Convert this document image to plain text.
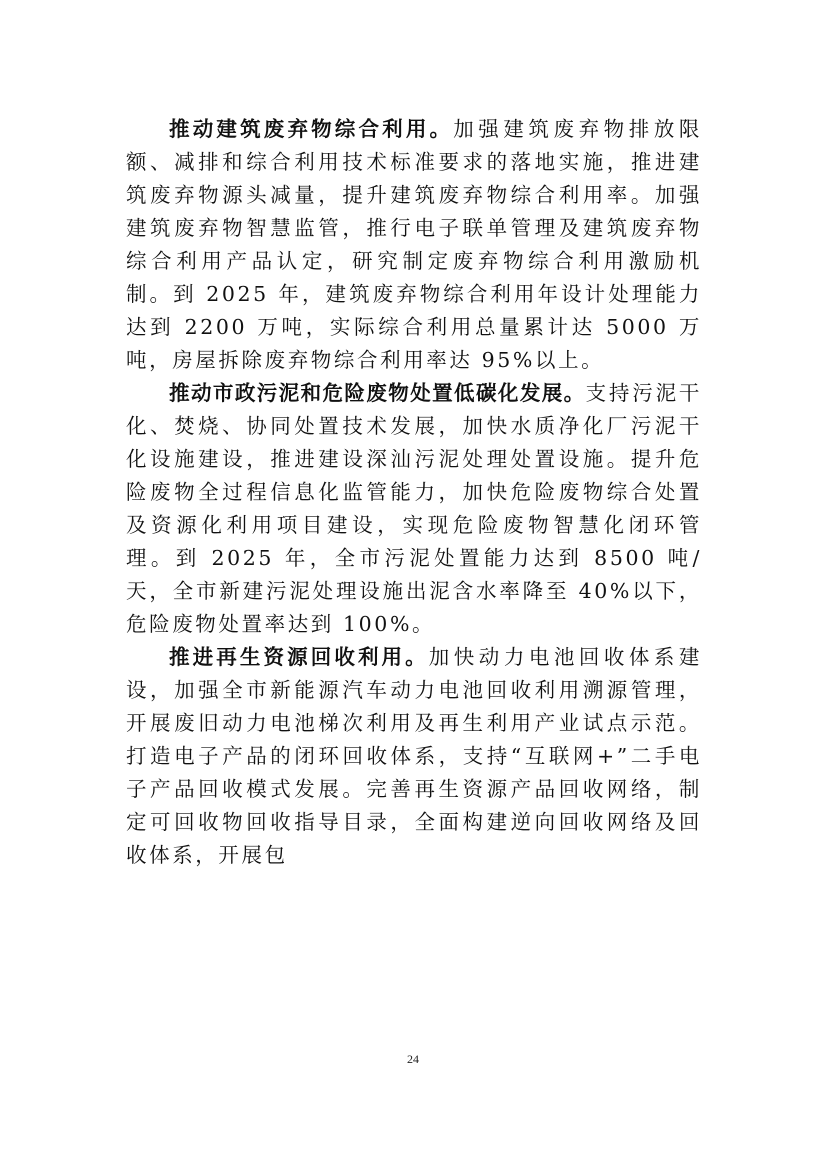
推动建筑废弃物综合利用。加强建筑废弃物排放限额、减排和综合利用技术标准要求的落地实施，推进建筑废弃物源头减量，提升建筑废弃物综合利用率。加强建筑废弃物智慧监管，推行电子联单管理及建筑废弃物综合利用产品认定，研究制定废弃物综合利用激励机制。到 2025 年，建筑废弃物综合利用年设计处理能力达到 2200 万吨，实际综合利用总量累计达 5000 万吨，房屋拆除废弃物综合利用率达 95%以上。

推动市政污泥和危险废物处置低碳化发展。支持污泥干化、焚烧、协同处置技术发展，加快水质净化厂污泥干化设施建设，推进建设深汕污泥处理处置设施。提升危险废物全过程信息化监管能力，加快危险废物综合处置及资源化利用项目建设，实现危险废物智慧化闭环管理。到 2025 年，全市污泥处置能力达到 8500 吨/天，全市新建污泥处理设施出泥含水率降至 40%以下，危险废物处置率达到 100%。

推进再生资源回收利用。加快动力电池回收体系建设，加强全市新能源汽车动力电池回收利用溯源管理，开展废旧动力电池梯次利用及再生利用产业试点示范。打造电子产品的闭环回收体系，支持“互联网+”二手电子产品回收模式发展。完善再生资源产品回收网络，制定可回收物回收指导目录，全面构建逆向回收网络及回收体系，开展包

24
